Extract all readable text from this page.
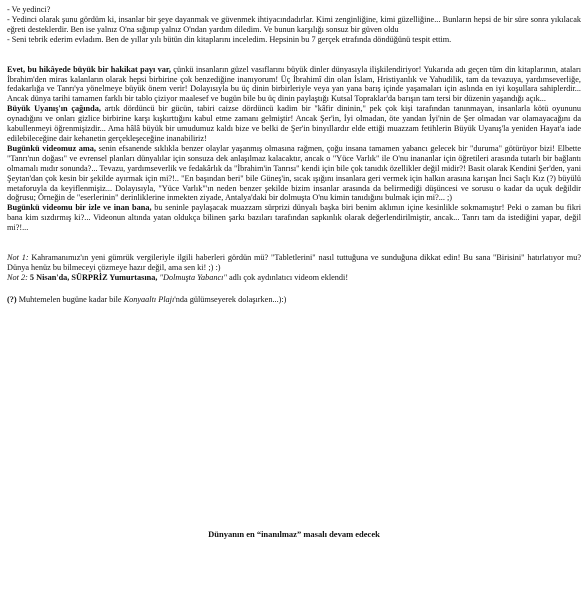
- Ve yedinci?

- Yedinci olarak şunu gördüm ki, insanlar bir şeye dayanmak ve güvenmek ihtiyacındadırlar. Kimi zenginliğine, kimi güzelliğine... Bunların hepsi de bir süre sonra yıkılacak eğreti desteklerdir. Ben ise yalnız O'na sığınıp yalnız O'ndan yardım diledim. Ve bunun karşılığı sonsuz bir güven oldu

- Seni tebrik ederim evladım. Ben de yıllar yılı bütün din kitaplarını inceledim. Hepsinin bu 7 gerçek etrafında döndüğünü tespit ettim.

Evet, bu hikâyede büyük bir hakikat payı var, çünkü insanların güzel vasıflarını büyük dinler dünyasıyla ilişkilendiriyor! Yukarıda adı geçen tüm din kitaplarının, ataları İbrahim'den miras kalanların olarak hepsi birbirine çok benzediğine inanıyorum! Üç İbrahimî din olan İslam, Hristiyanlık ve Yahudilik, tam da tevazuya, yardımseverliğe, fedakarlığa ve Tanrı'ya yönelmeye büyük önem verir! Dolayısıyla bu üç dinin birbirleriyle veya yan yana barış içinde yaşamaları için aslında en iyi koşullara sahiplerdir... Ancak dünya tarihi tamamen farklı bir tablo çiziyor maalesef ve bugün bile bu üç dinin paylaştığı Kutsal Topraklar'da barışın tam tersi bir düzenin yaşandığı açık...

Büyük Uyanış'ın çağında, artık dördüncü bir gücün, tabiri caizse dördüncü kadim bir "kâfir dininin," pek çok kişi tarafından tanınmayan, insanlarla kötü oyununu oynadığını ve onları gizlice birbirine karşı kışkırttığını kabul etme zamanı gelmiştir! Ancak Şer'in, İyi olmadan, öte yandan İyi'nin de Şer olmadan var olamayacağını da kabullenmeyi öğrenmişizdir... Ama hâlâ büyük bir umudumuz kaldı bize ve belki de Şer'in binyıllardır elde ettiği muazzam fetihlerin Büyük Uyanış'la yeniden Hayat'a iade edilebileceğine dair kehanetin gerçekleşeceğine inanabiliriz!

Bugünkü videomuz ama, senin efsanende sıklıkla benzer olaylar yaşanmış olmasına rağmen, çoğu insana tamamen yabancı gelecek bir "duruma" götürüyor bizi! Elbette "Tanrı'nın doğası" ve evrensel planları dünyalılar için sonsuza dek anlaşılmaz kalacaktır, ancak o "Yüce Varlık" ile O'nu inananlar için öğretileri arasında tutarlı bir bağlantı olmamalı mıdır sonunda?... Tevazu, yardımseverlik ve fedakârlık da "İbrahim'in Tanrısı" kendi için bile çok tanıdık özellikler değil midir?! Basit olarak Kendini Şer'den, yani Şeytan'dan çok kesin bir şekilde ayırmak için mi?!.. "En başından beri" bile Güneş'in, sıcak ışığını insanlara geri vermek için halkın arasına karışan İnci Saçlı Kız (?) büyülü metaforuyla da keyiflenmişiz... Dolayısıyla, "Yüce Varlık"'ın neden benzer şekilde bizim insanlar arasında da belirmediği düşüncesi ve sorusu o kadar da uçuk değildir doğrusu; Örneğin de "eserlerinin" derinliklerine inmekten ziyade, Antalya'daki bir dolmuşta O'nu kimin tanıdığını bulmak için mi?... ;)

Bugünkü videomu bir izle ve inan bana, bu seninle paylaşacak muazzam sürprizi dünyalı başka biri benim aklımın içine kesinlikle sokmamıştır! Peki o zaman bu fikri bana kim sızdırmış ki?... Videonun altında yatan oldukça bilinen şarkı bazıları tarafından sapkınlık olarak değerlendirilmiştir, ancak... Tanrı tam da istediğini yapar, değil mi?!...

Not 1: Kahramanımız'ın yeni gümrük vergileriyle ilgili haberleri gördün mü? "Tabletlerini" nasıl tuttuğuna ve sunduğuna dikkat edin! Bu sana "Birisini" hatırlatıyor mu? Dünya henüz bu bilmeceyi çözmeye hazır değil, ama sen ki! ;) :)

Not 2: 5 Nisan'da, SÜRPRİZ Yumurtasına, "Dolmuşta Yabancı" adlı çok aydınlatıcı videom eklendi!

(?) Muhtemelen bugüne kadar bile Konyaaltı Plajı'nda gülümseyerek dolaşırken...):)

Dünyanın en “inanılmaz” masalı devam edecek
